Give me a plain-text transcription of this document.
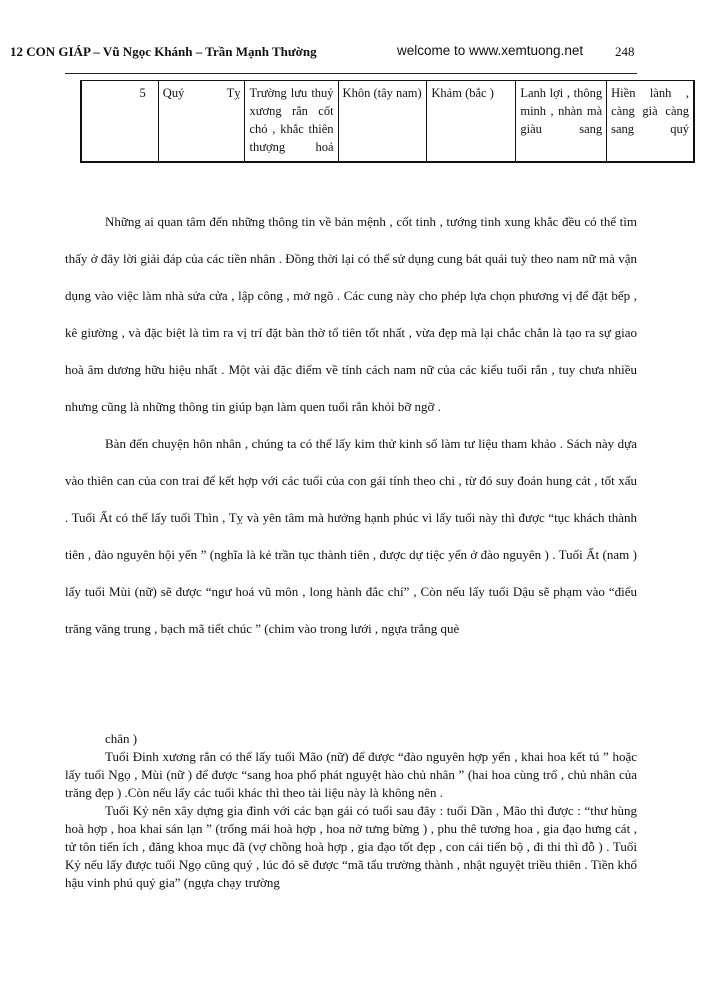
12 CON GIÁP – Vũ Ngọc Khánh – Trần Mạnh Thường	welcome to www.xemtuong.net 248
5	Quý Tỵ	Trường lưu thuỷ xương rắn cốt chó , khắc thiên thượng hoả	Khôn (tây nam)	Khảm (bắc )	Lanh lợi , thông minh , nhàn mà giàu sang	Hiền lành , càng già càng sang quý

Những ai quan tâm đến những thông tin về bản mệnh , cốt tinh , tướng tinh xung khắc đều có thể tìm thấy ở đây lời giải đáp của các tiền nhân . Đồng thời lại có thể sử dụng cung bát quái tuỳ theo nam nữ mà vận dụng vào việc làm nhà sửa cửa , lập công , mở ngõ . Các cung này cho phép lựa chọn phương vị để đặt bếp , kê giường , và đặc biệt là tìm ra vị trí đặt bàn thờ tổ tiên tốt nhất , vừa đẹp mà lại chắc chắn là tạo ra sự giao hoà âm dương hữu hiệu nhất . Một vài đặc điểm về tính cách nam nữ của các kiểu tuổi rắn , tuy chưa nhiều nhưng cũng là những thông tin giúp bạn làm quen tuổi rắn khỏi bỡ ngỡ .

Bàn đến chuyện hôn nhân , chúng ta có thể lấy kim thử kinh số làm tư liệu tham khảo . Sách này dựa vào thiên can của con trai để kết hợp với các tuổi của con gái tính theo chi , từ đó suy đoán hung cát , tốt xấu . Tuổi Ất có thể lấy tuổi Thìn , Tỵ và yên tâm mà hưởng hạnh phúc vì lấy tuổi này thì được “tục khách thành tiên , đào nguyên hội yến ” (nghĩa là kẻ trần tục thành tiên , được dự tiệc yến ở đào nguyên ) . Tuổi Ất (nam ) lấy tuổi Mùi (nữ) sẽ được “ngư hoá vũ môn , long hành đắc chí” , Còn nếu lấy tuổi Dậu sẽ phạm vào “điểu trăng văng trung , bạch mã tiết chúc ” (chim vào trong lưới , ngựa trắng què

chân )

Tuổi Đinh xương rắn có thể lấy tuổi Mão (nữ) để được “đào nguyên hợp yến , khai hoa kết tú ” hoặc lấy tuổi Ngọ , Mùi (nữ ) để được “sang hoa phổ phát nguyệt hào chủ nhân ” (hai hoa cùng trổ , chủ nhân của trăng đẹp ) .Còn nếu lấy các tuổi khác thì theo tài liệu này là không nên .

Tuổi Kỷ nên xây dựng gia đình với các bạn gái có tuổi sau đây : tuổi Dần , Mão thì được : “thư hùng hoà hợp , hoa khai sán lạn ” (trống mái hoà hợp , hoa nở tưng bừng ) , phu thê tương hoa , gia đạo hưng cát , tử tôn tiến ích , đăng khoa mục đã (vợ chồng hoà hợp , gia đạo tốt đẹp , con cái tiến bộ , đi thi thì đỗ ) . Tuổi Kỷ nếu lấy được tuổi Ngọ cũng quý , lúc đó sẽ được “mã tẩu trường thành , nhật nguyệt triều thiên . Tiền khổ hậu vinh phú quý gia” (ngựa chạy trường
